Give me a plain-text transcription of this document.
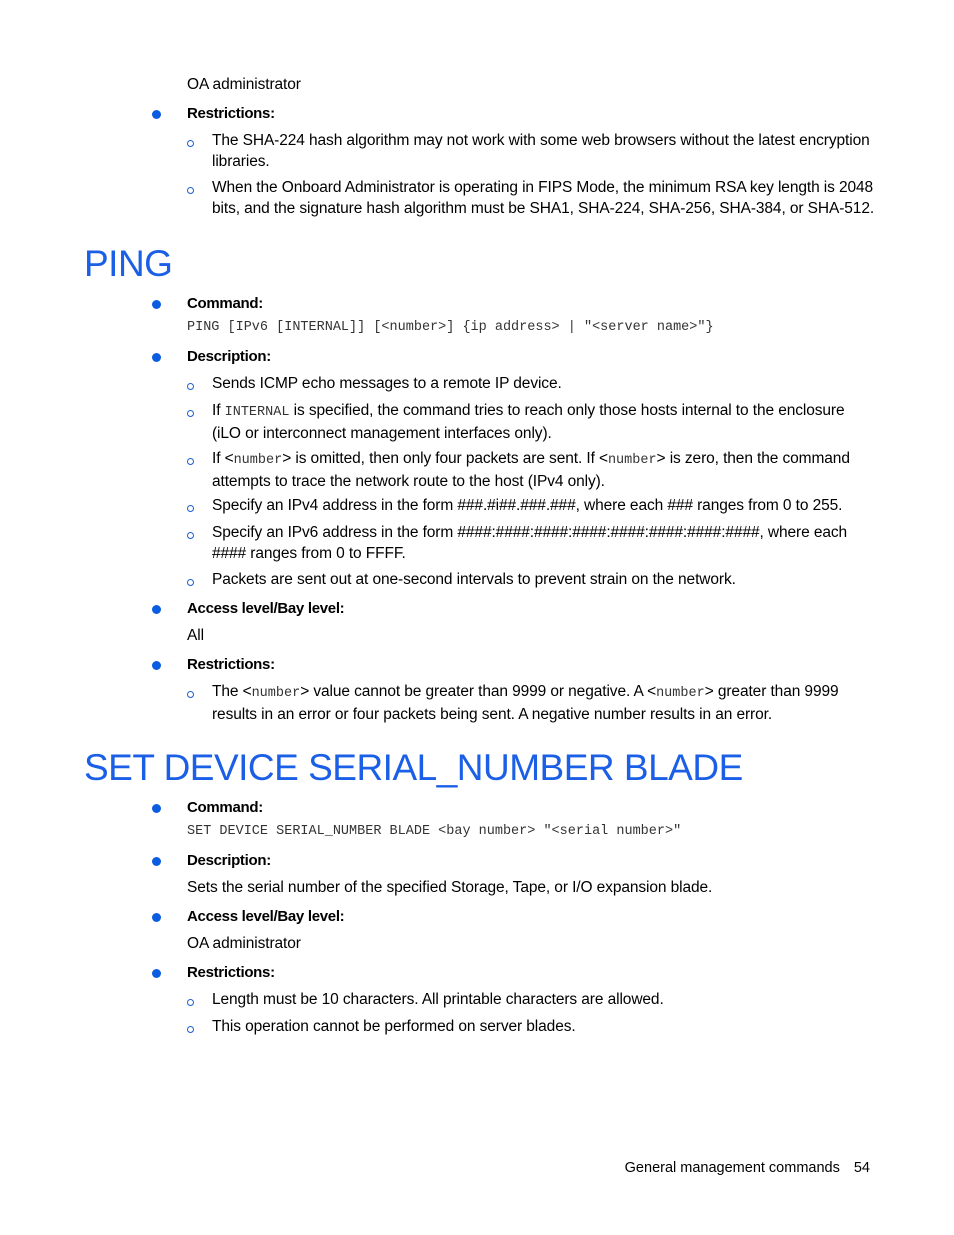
OA administrator
Restrictions:
The SHA-224 hash algorithm may not work with some web browsers without the latest encryption libraries.
When the Onboard Administrator is operating in FIPS Mode, the minimum RSA key length is 2048 bits, and the signature hash algorithm must be SHA1, SHA-224, SHA-256, SHA-384, or SHA-512.
PING
Command:
PING [IPv6 [INTERNAL]] [<number>] {ip address> | "<server name>"}
Description:
Sends ICMP echo messages to a remote IP device.
If INTERNAL is specified, the command tries to reach only those hosts internal to the enclosure (iLO or interconnect management interfaces only).
If <number> is omitted, then only four packets are sent. If <number> is zero, then the command attempts to trace the network route to the host (IPv4 only).
Specify an IPv4 address in the form ###.#i##.###.###, where each ### ranges from 0 to 255.
Specify an IPv6 address in the form ####:####:####:####:####:####:####:####, where each #### ranges from 0 to FFFF.
Packets are sent out at one-second intervals to prevent strain on the network.
Access level/Bay level:
All
Restrictions:
The <number> value cannot be greater than 9999 or negative. A <number> greater than 9999 results in an error or four packets being sent. A negative number results in an error.
SET DEVICE SERIAL_NUMBER BLADE
Command:
SET DEVICE SERIAL_NUMBER BLADE <bay number> "<serial number>"
Description:
Sets the serial number of the specified Storage, Tape, or I/O expansion blade.
Access level/Bay level:
OA administrator
Restrictions:
Length must be 10 characters. All printable characters are allowed.
This operation cannot be performed on server blades.
General management commands 54
